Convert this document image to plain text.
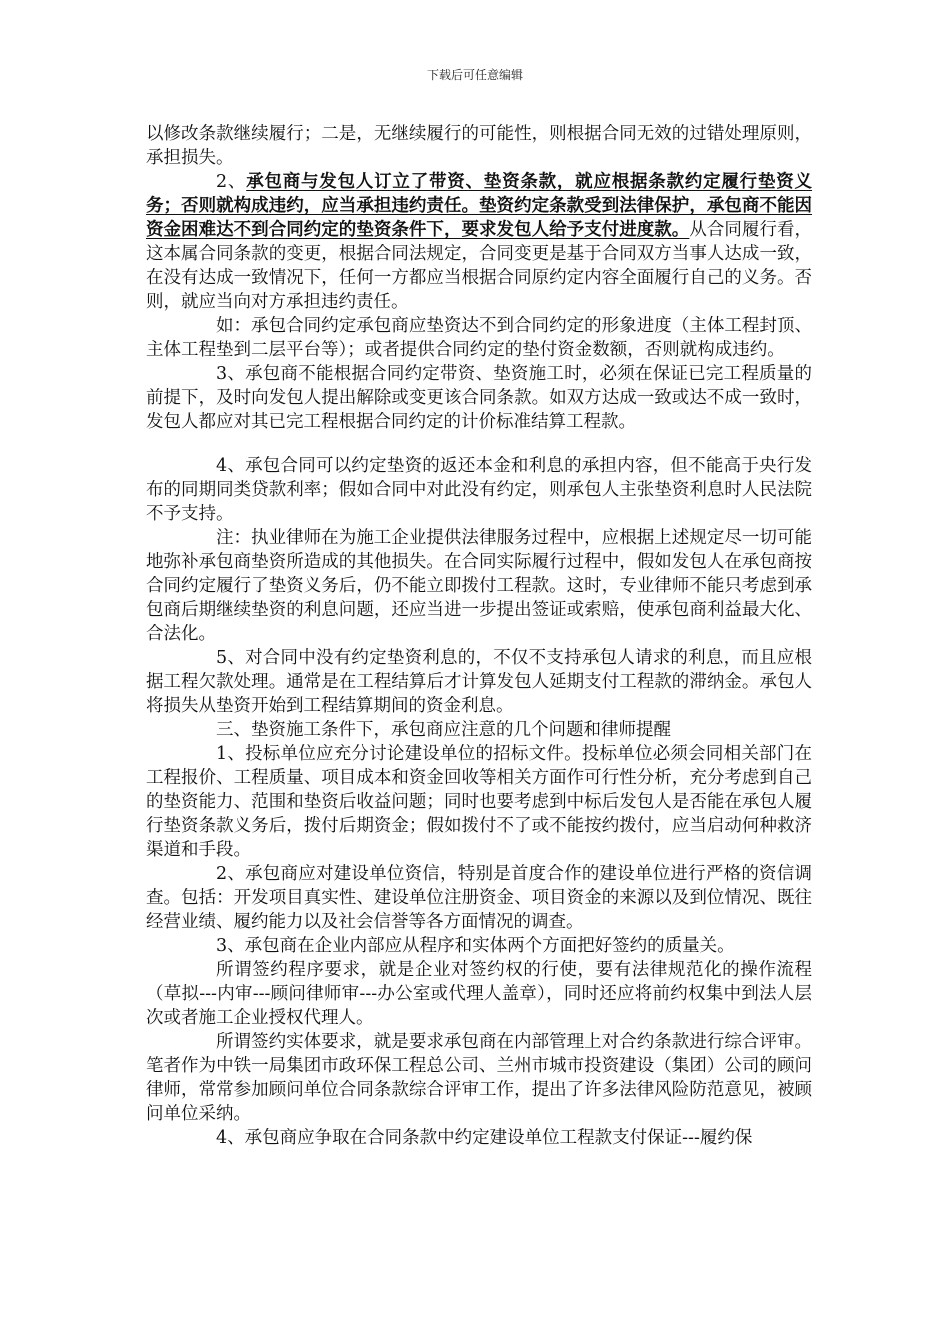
下载后可任意编辑

以修改条款继续履行；二是，无继续履行的可能性，则根据合同无效的过错处理原则，承担损失。

2、承包商与发包人订立了带资、垫资条款，就应根据条款约定履行垫资义务；否则就构成违约，应当承担违约责任。垫资约定条款受到法律保护，承包商不能因资金困难达不到合同约定的垫资条件下，要求发包人给予支付进度款。从合同履行看，这本属合同条款的变更，根据合同法规定，合同变更是基于合同双方当事人达成一致，在没有达成一致情况下，任何一方都应当根据合同原约定内容全面履行自己的义务。否则，就应当向对方承担违约责任。

如：承包合同约定承包商应垫资达不到合同约定的形象进度（主体工程封顶、主体工程垫到二层平台等）；或者提供合同约定的垫付资金数额，否则就构成违约。

3、承包商不能根据合同约定带资、垫资施工时，必须在保证已完工程质量的前提下，及时向发包人提出解除或变更该合同条款。如双方达成一致或达不成一致时，发包人都应对其已完工程根据合同约定的计价标准结算工程款。

4、承包合同可以约定垫资的返还本金和利息的承担内容，但不能高于央行发布的同期同类贷款利率；假如合同中对此没有约定，则承包人主张垫资利息时人民法院不予支持。

注：执业律师在为施工企业提供法律服务过程中，应根据上述规定尽一切可能地弥补承包商垫资所造成的其他损失。在合同实际履行过程中，假如发包人在承包商按合同约定履行了垫资义务后，仍不能立即拨付工程款。这时，专业律师不能只考虑到承包商后期继续垫资的利息问题，还应当进一步提出签证或索赔，使承包商利益最大化、合法化。

5、对合同中没有约定垫资利息的，不仅不支持承包人请求的利息，而且应根据工程欠款处理。通常是在工程结算后才计算发包人延期支付工程款的滞纳金。承包人将损失从垫资开始到工程结算期间的资金利息。

三、垫资施工条件下，承包商应注意的几个问题和律师提醒

1、投标单位应充分讨论建设单位的招标文件。投标单位必须会同相关部门在工程报价、工程质量、项目成本和资金回收等相关方面作可行性分析，充分考虑到自己的垫资能力、范围和垫资后收益问题；同时也要考虑到中标后发包人是否能在承包人履行垫资条款义务后，拨付后期资金；假如拨付不了或不能按约拨付，应当启动何种救济渠道和手段。

2、承包商应对建设单位资信，特别是首度合作的建设单位进行严格的资信调查。包括：开发项目真实性、建设单位注册资金、项目资金的来源以及到位情况、既往经营业绩、履约能力以及社会信誉等各方面情况的调查。

3、承包商在企业内部应从程序和实体两个方面把好签约的质量关。

所谓签约程序要求，就是企业对签约权的行使，要有法律规范化的操作流程（草拟---内审---顾问律师审---办公室或代理人盖章），同时还应将前约权集中到法人层次或者施工企业授权代理人。

所谓签约实体要求，就是要求承包商在内部管理上对合约条款进行综合评审。笔者作为中铁一局集团市政环保工程总公司、兰州市城市投资建设（集团）公司的顾问律师，常常参加顾问单位合同条款综合评审工作，提出了许多法律风险防范意见，被顾问单位采纳。

4、承包商应争取在合同条款中约定建设单位工程款支付保证---履约保
